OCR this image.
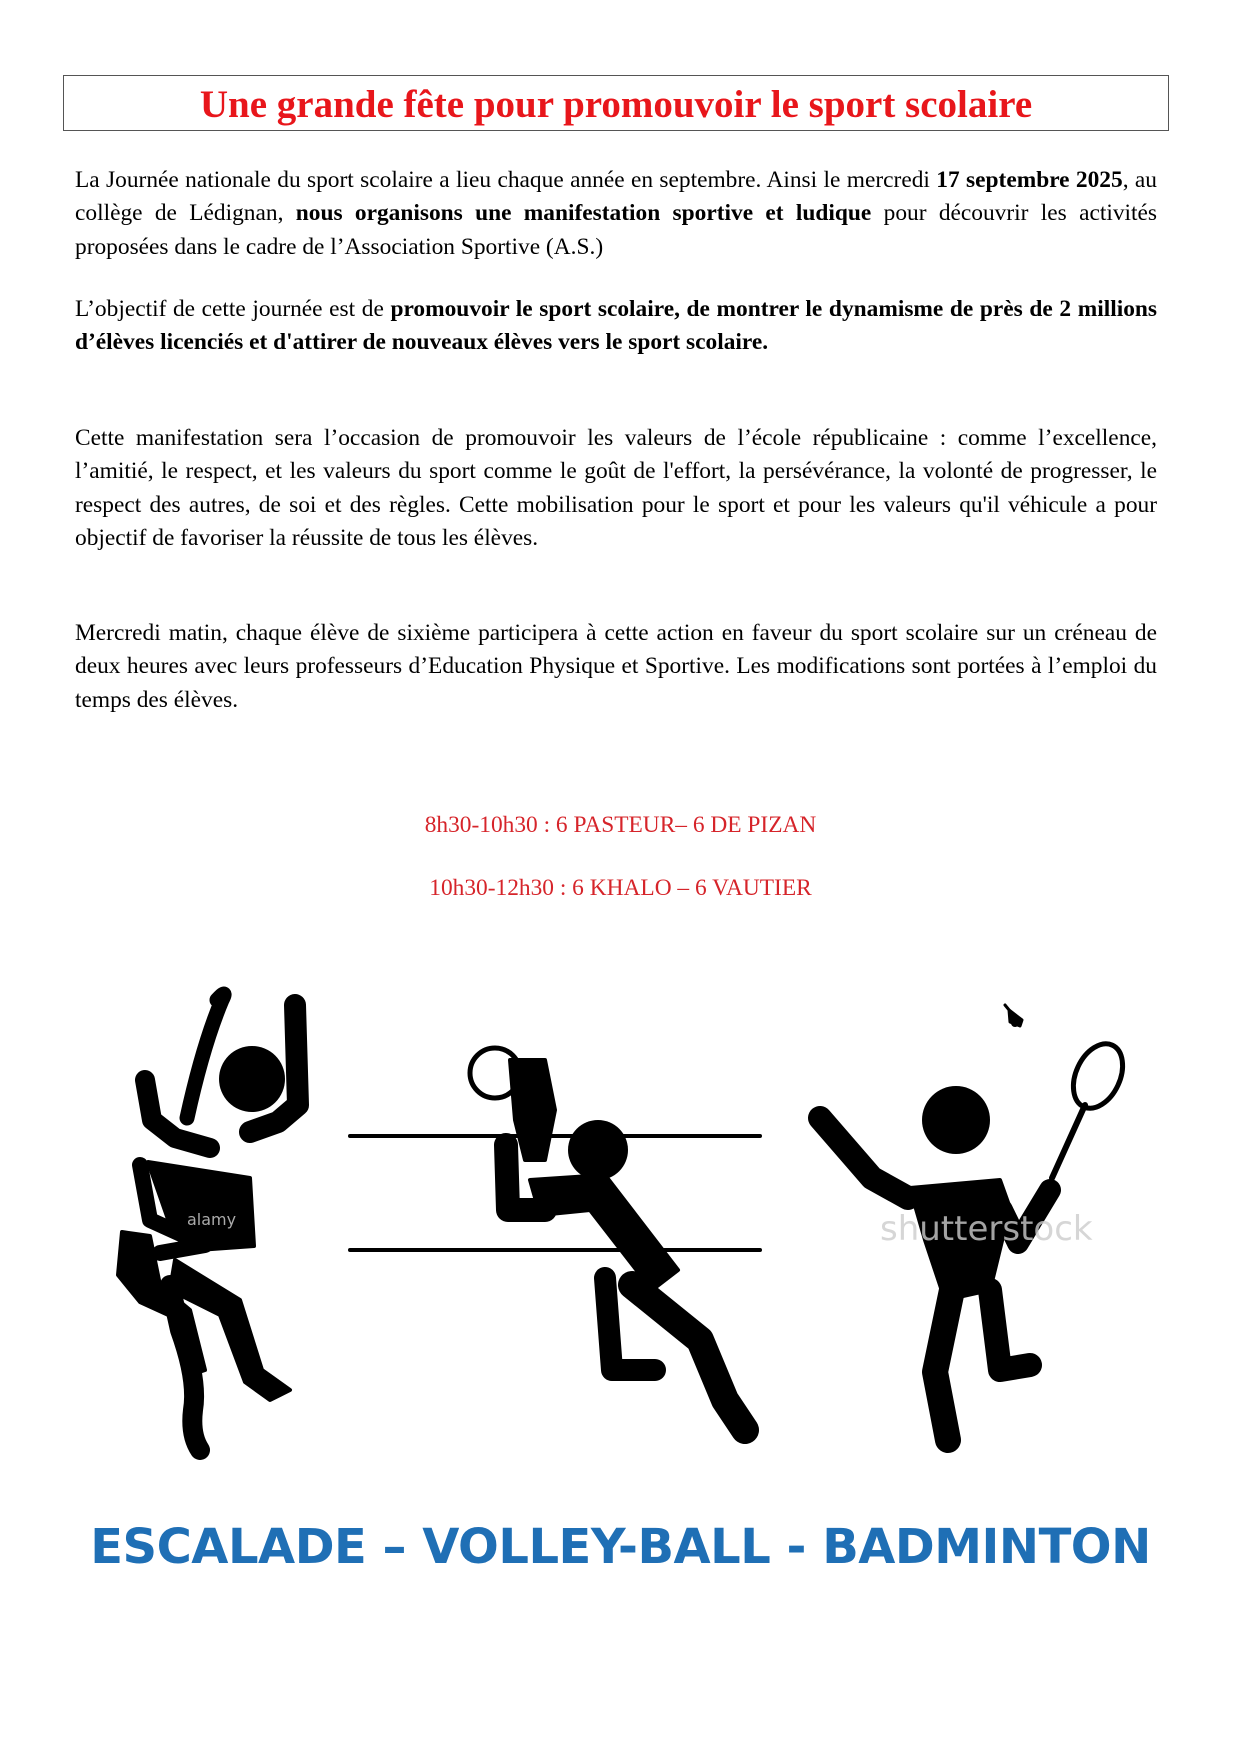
Une grande fête pour promouvoir le sport scolaire

La Journée nationale du sport scolaire a lieu chaque année en septembre. Ainsi le mercredi 17 septembre 2025, au collège de Lédignan, nous organisons une manifestation sportive et ludique pour découvrir les activités proposées dans le cadre de l’Association Sportive (A.S.)

L’objectif de cette journée est de promouvoir le sport scolaire, de montrer le dynamisme de près de 2 millions d’élèves licenciés et d'attirer de nouveaux élèves vers le sport scolaire.

Cette manifestation sera l’occasion de promouvoir les valeurs de l’école républicaine : comme l’excellence, l’amitié, le respect, et les valeurs du sport comme le goût de l'effort, la persévérance, la volonté de progresser, le respect des autres, de soi et des règles. Cette mobilisation pour le sport et pour les valeurs qu'il véhicule a pour objectif de favoriser la réussite de tous les élèves.

Mercredi matin, chaque élève de sixième participera à cette action en faveur du sport scolaire sur un créneau de deux heures avec leurs professeurs d’Education Physique et Sportive. Les modifications sont portées à l’emploi du temps des élèves.

8h30-10h30 : 6 PASTEUR– 6 DE PIZAN

10h30-12h30 : 6 KHALO – 6 VAUTIER

alamy	shutterstock

ESCALADE – VOLLEY-BALL - BADMINTON
